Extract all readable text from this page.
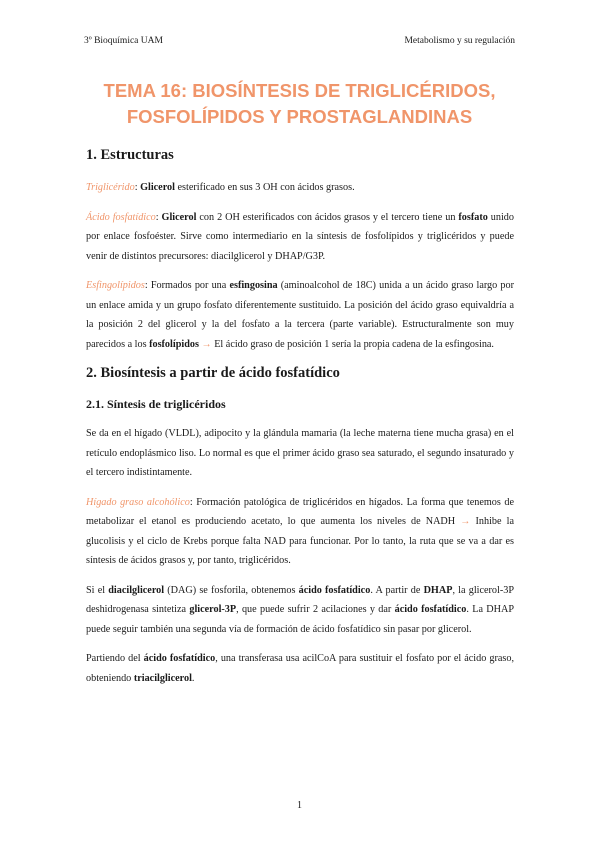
3º Bioquímica UAM	Metabolismo y su regulación
TEMA 16: BIOSÍNTESIS DE TRIGLICÉRIDOS,
FOSFOLÍPIDOS Y PROSTAGLANDINAS
1. Estructuras

Triglicérido: Glicerol esterificado en sus 3 OH con ácidos grasos.

Ácido fosfatídico: Glicerol con 2 OH esterificados con ácidos grasos y el tercero tiene un fosfato unido por enlace fosfoéster. Sirve como intermediario en la síntesis de fosfolípidos y triglicéridos y puede venir de distintos precursores: diacilglicerol y DHAP/G3P.

Esfingolípidos: Formados por una esfingosina (aminoalcohol de 18C) unida a un ácido graso largo por un enlace amida y un grupo fosfato diferentemente sustituido. La posición del ácido graso equivaldría a la posición 2 del glicerol y la del fosfato a la tercera (parte variable). Estructuralmente son muy parecidos a los fosfolípidos → El ácido graso de posición 1 sería la propia cadena de la esfingosina.

2. Biosíntesis a partir de ácido fosfatídico
2.1. Síntesis de triglicéridos

Se da en el hígado (VLDL), adipocito y la glándula mamaria (la leche materna tiene mucha grasa) en el retículo endoplásmico liso. Lo normal es que el primer ácido graso sea saturado, el segundo insaturado y el tercero indistintamente.

Hígado graso alcohólico: Formación patológica de triglicéridos en hígados. La forma que tenemos de metabolizar el etanol es produciendo acetato, lo que aumenta los niveles de NADH → Inhibe la glucolisis y el ciclo de Krebs porque falta NAD para funcionar. Por lo tanto, la ruta que se va a dar es síntesis de ácidos grasos y, por tanto, triglicéridos.

Si el diacilglicerol (DAG) se fosforila, obtenemos ácido fosfatídico. A partir de DHAP, la glicerol-3P deshidrogenasa sintetiza glicerol-3P, que puede sufrir 2 acilaciones y dar ácido fosfatídico. La DHAP puede seguir también una segunda vía de formación de ácido fosfatídico sin pasar por glicerol.

Partiendo del ácido fosfatídico, una transferasa usa acilCoA para sustituir el fosfato por el ácido graso, obteniendo triacilglicerol.

1
